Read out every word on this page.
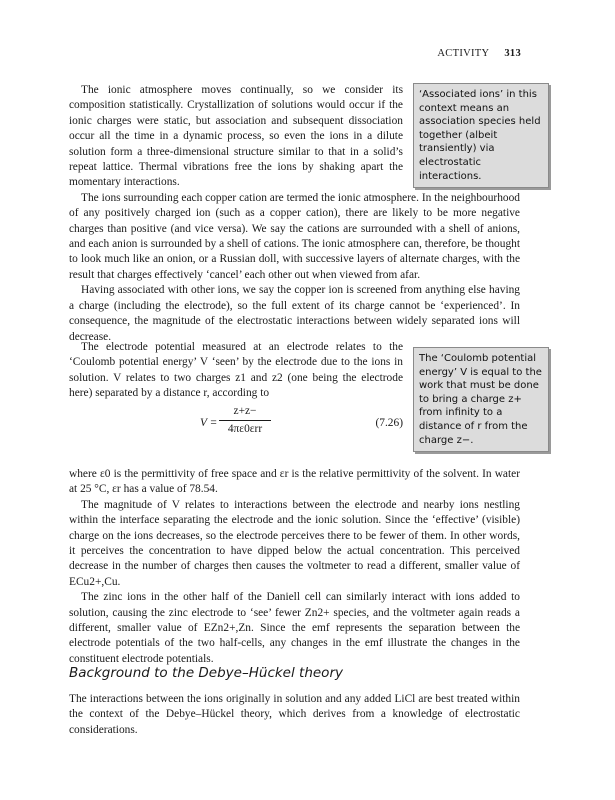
ACTIVITY 313

The ionic atmosphere moves continually, so we consider its composition statistically. Crystallization of solutions would occur if the ionic charges were static, but association and subsequent dissociation occur all the time in a dynamic process, so even the ions in a dilute solution form a three-dimensional structure similar to that in a solid’s repeat lattice. Thermal vibrations free the ions by shaking apart the momentary interactions.

The ions surrounding each copper cation are termed the ionic atmosphere. In the neighbourhood of any positively charged ion (such as a copper cation), there are likely to be more negative charges than positive (and vice versa). We say the cations are surrounded with a shell of anions, and each anion is surrounded by a shell of cations. The ionic atmosphere can, therefore, be thought to look much like an onion, or a Russian doll, with successive layers of alternate charges, with the result that charges effectively ‘cancel’ each other out when viewed from afar.

Having associated with other ions, we say the copper ion is screened from anything else having a charge (including the electrode), so the full extent of its charge cannot be ‘experienced’. In consequence, the magnitude of the electrostatic interactions between widely separated ions will decrease.

‘Associated ions’ in this context means an association species held together (albeit transiently) via electrostatic interactions.

The electrode potential measured at an electrode relates to the ‘Coulomb potential energy’ V ‘seen’ by the electrode due to the ions in solution. V relates to two charges z1 and z2 (one being the electrode here) separated by a distance r, according to

V =
z+z−
4πε0εrr
(7.26)
The ‘Coulomb potential energy’ V is equal to the work that must be done to bring a charge z+ from infinity to a distance of r from the charge z−.

where ε0 is the permittivity of free space and εr is the relative permittivity of the solvent. In water at 25 °C, εr has a value of 78.54.

The magnitude of V relates to interactions between the electrode and nearby ions nestling within the interface separating the electrode and the ionic solution. Since the ‘effective’ (visible) charge on the ions decreases, so the electrode perceives there to be fewer of them. In other words, it perceives the concentration to have dipped below the actual concentration. This perceived decrease in the number of charges then causes the voltmeter to read a different, smaller value of ECu2+,Cu.

The zinc ions in the other half of the Daniell cell can similarly interact with ions added to solution, causing the zinc electrode to ‘see’ fewer Zn2+ species, and the voltmeter again reads a different, smaller value of EZn2+,Zn. Since the emf represents the separation between the electrode potentials of the two half-cells, any changes in the emf illustrate the changes in the constituent electrode potentials.

Background to the Debye–Hückel theory

The interactions between the ions originally in solution and any added LiCl are best treated within the context of the Debye–Hückel theory, which derives from a knowledge of electrostatic considerations.
